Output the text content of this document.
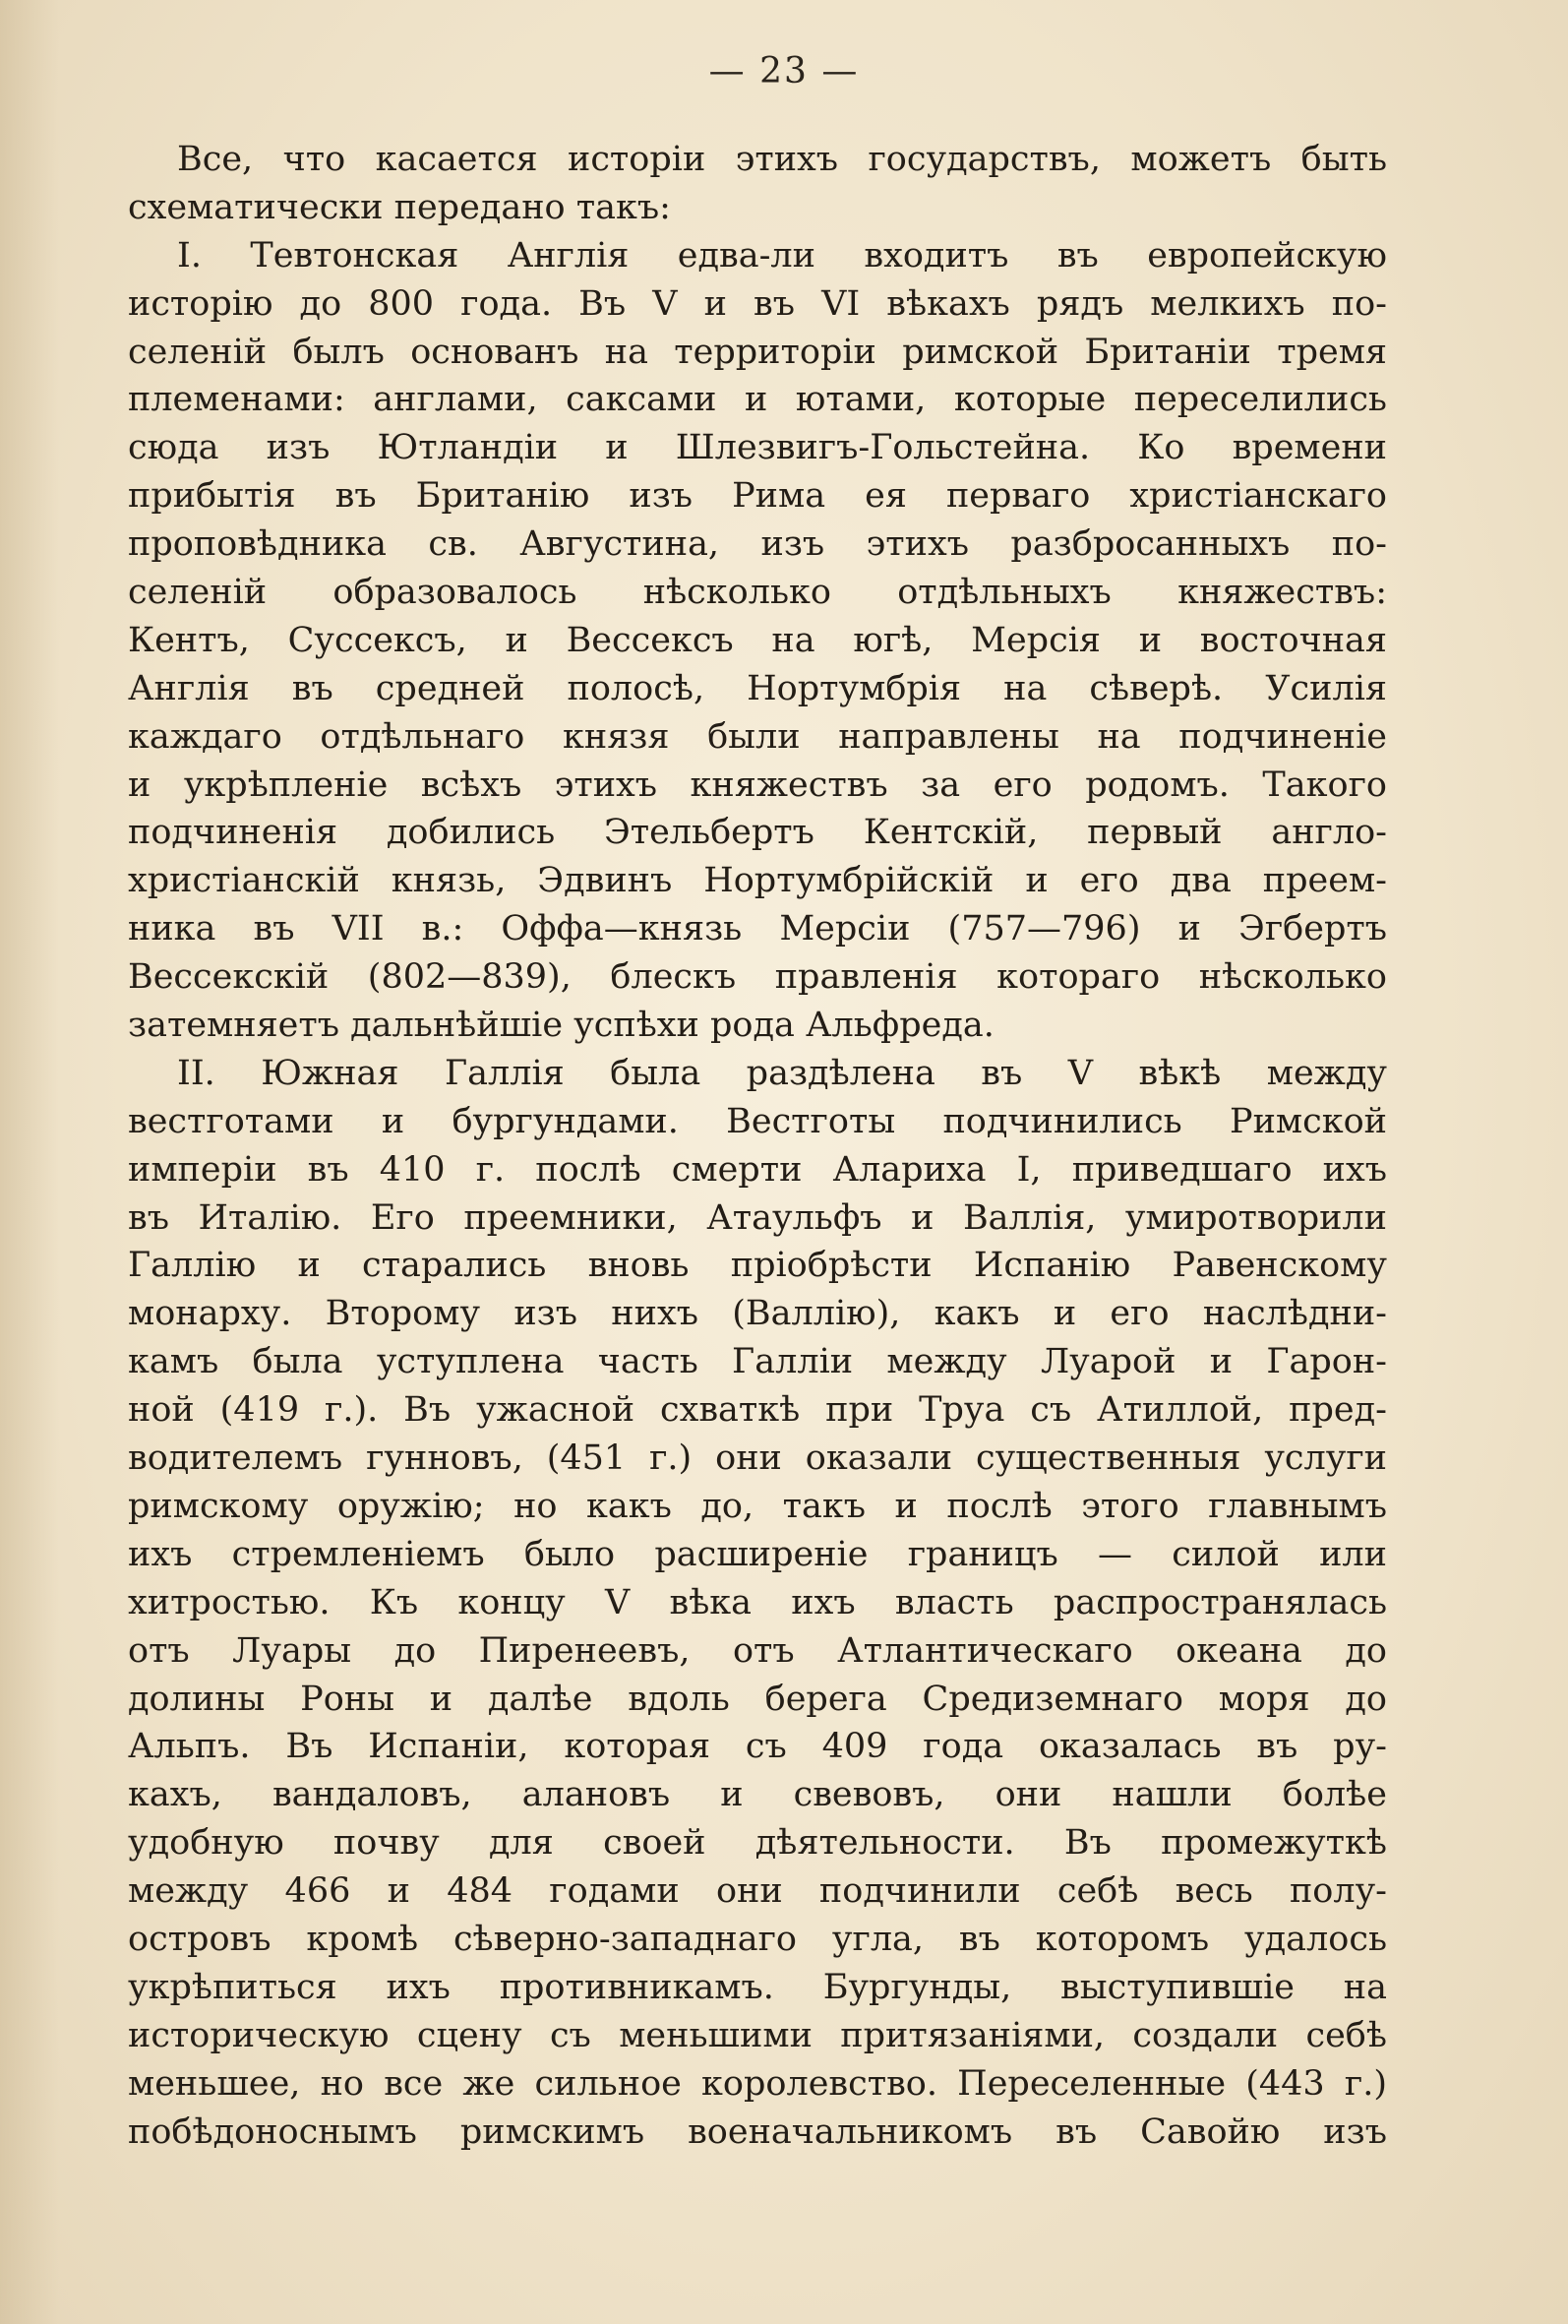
— 23 —
Все, что касается исторіи этихъ государствъ, можетъ быть
схематически передано такъ:
I. Тевтонская Англія едва-ли входитъ въ европейскую
исторію до 800 года. Въ V и въ VI вѣкахъ рядъ мелкихъ по-
селеній былъ основанъ на территоріи римской Британіи тремя
племенами: англами, саксами и ютами, которые переселились
сюда изъ Ютландіи и Шлезвигъ-Гольстейна. Ко времени
прибытія въ Британію изъ Рима ея перваго христіанскаго
проповѣдника св. Августина, изъ этихъ разбросанныхъ по-
селеній образовалось нѣсколько отдѣльныхъ княжествъ:
Кентъ, Суссексъ, и Вессексъ на югѣ, Мерсія и восточная
Англія въ средней полосѣ, Нортумбрія на сѣверѣ. Усилія
каждаго отдѣльнаго князя были направлены на подчиненіе
и укрѣпленіе всѣхъ этихъ княжествъ за его родомъ. Такого
подчиненія добились Этельбертъ Кентскій, первый англо-
христіанскій князь, Эдвинъ Нортумбрійскій и его два преем-
ника въ VII в.: Оффа—князь Мерсіи (757—796) и Эгбертъ
Вессекскій (802—839), блескъ правленія котораго нѣсколько
затемняетъ дальнѣйшіе успѣхи рода Альфреда.
II. Южная Галлія была раздѣлена въ V вѣкѣ между
вестготами и бургундами. Вестготы подчинились Римской
имперіи въ 410 г. послѣ смерти Алариха I, приведшаго ихъ
въ Италію. Его преемники, Атаульфъ и Валлія, умиротворили
Галлію и старались вновь пріобрѣсти Испанію Равенскому
монарху. Второму изъ нихъ (Валлію), какъ и его наслѣдни-
камъ была уступлена часть Галліи между Луарой и Гарон-
ной (419 г.). Въ ужасной схваткѣ при Труа съ Атиллой, пред-
водителемъ гунновъ, (451 г.) они оказали существенныя услуги
римскому оружію; но какъ до, такъ и послѣ этого главнымъ
ихъ стремленіемъ было расширеніе границъ — силой или
хитростью. Къ концу V вѣка ихъ власть распространялась
отъ Луары до Пиренеевъ, отъ Атлантическаго океана до
долины Роны и далѣе вдоль берега Средиземнаго моря до
Альпъ. Въ Испаніи, которая съ 409 года оказалась въ ру-
кахъ, вандаловъ, алановъ и свевовъ, они нашли болѣе
удобную почву для своей дѣятельности. Въ промежуткѣ
между 466 и 484 годами они подчинили себѣ весь полу-
островъ кромѣ сѣверно-западнаго угла, въ которомъ удалось
укрѣпиться ихъ противникамъ. Бургунды, выступившіе на
историческую сцену съ меньшими притязаніями, создали себѣ
меньшее, но все же сильное королевство. Переселенные (443 г.)
побѣдоноснымъ римскимъ военачальникомъ въ Савойю изъ
